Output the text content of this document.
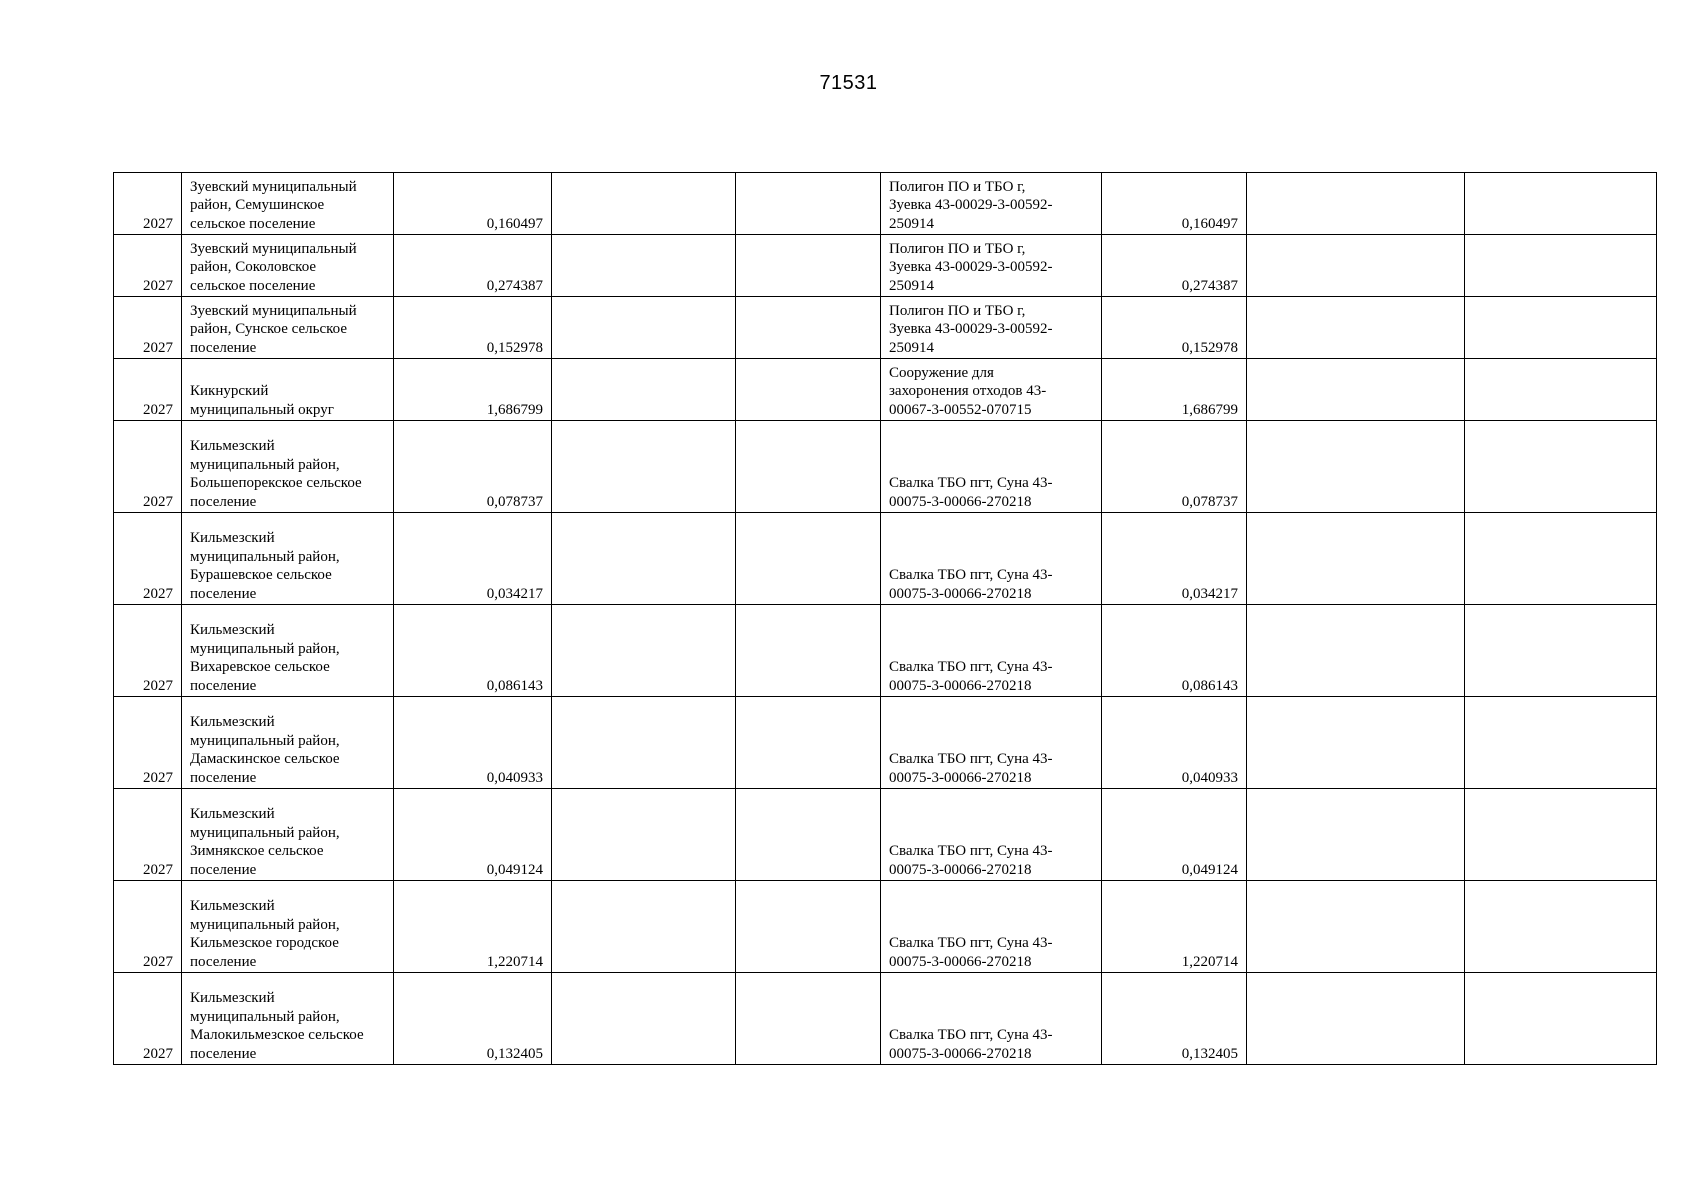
71531
2027	Зуевский муниципальный
район, Семушинское
сельское поселение	0,160497			Полигон ПО и ТБО г,
Зуевка 43-00029-3-00592-
250914	0,160497		

2027	Зуевский муниципальный
район, Соколовское
сельское поселение	0,274387			Полигон ПО и ТБО г,
Зуевка 43-00029-3-00592-
250914	0,274387		

2027	Зуевский муниципальный
район, Сунское сельское
поселение	0,152978			Полигон ПО и ТБО г,
Зуевка 43-00029-3-00592-
250914	0,152978		

2027	Кикнурский
муниципальный округ	1,686799			Сооружение для
захоронения отходов 43-
00067-3-00552-070715	1,686799		

2027	Кильмезский
муниципальный район,
Большепорекское сельское
поселение	0,078737			Свалка ТБО пгт, Суна 43-00075-3-00066-270218	0,078737		

2027	Кильмезский
муниципальный район,
Бурашевское сельское
поселение	0,034217			Свалка ТБО пгт, Суна 43-00075-3-00066-270218	0,034217		

2027	Кильмезский
муниципальный район,
Вихаревское сельское
поселение	0,086143			Свалка ТБО пгт, Суна 43-00075-3-00066-270218	0,086143		

2027	Кильмезский
муниципальный район,
Дамаскинское сельское
поселение	0,040933			Свалка ТБО пгт, Суна 43-00075-3-00066-270218	0,040933		

2027	Кильмезский
муниципальный район,
Зимнякское сельское
поселение	0,049124			Свалка ТБО пгт, Суна 43-00075-3-00066-270218	0,049124		

2027	Кильмезский
муниципальный район,
Кильмезское городское
поселение	1,220714			Свалка ТБО пгт, Суна 43-00075-3-00066-270218	1,220714		

2027	Кильмезский
муниципальный район,
Малокильмезское сельское
поселение	0,132405			Свалка ТБО пгт, Суна 43-00075-3-00066-270218	0,132405		
